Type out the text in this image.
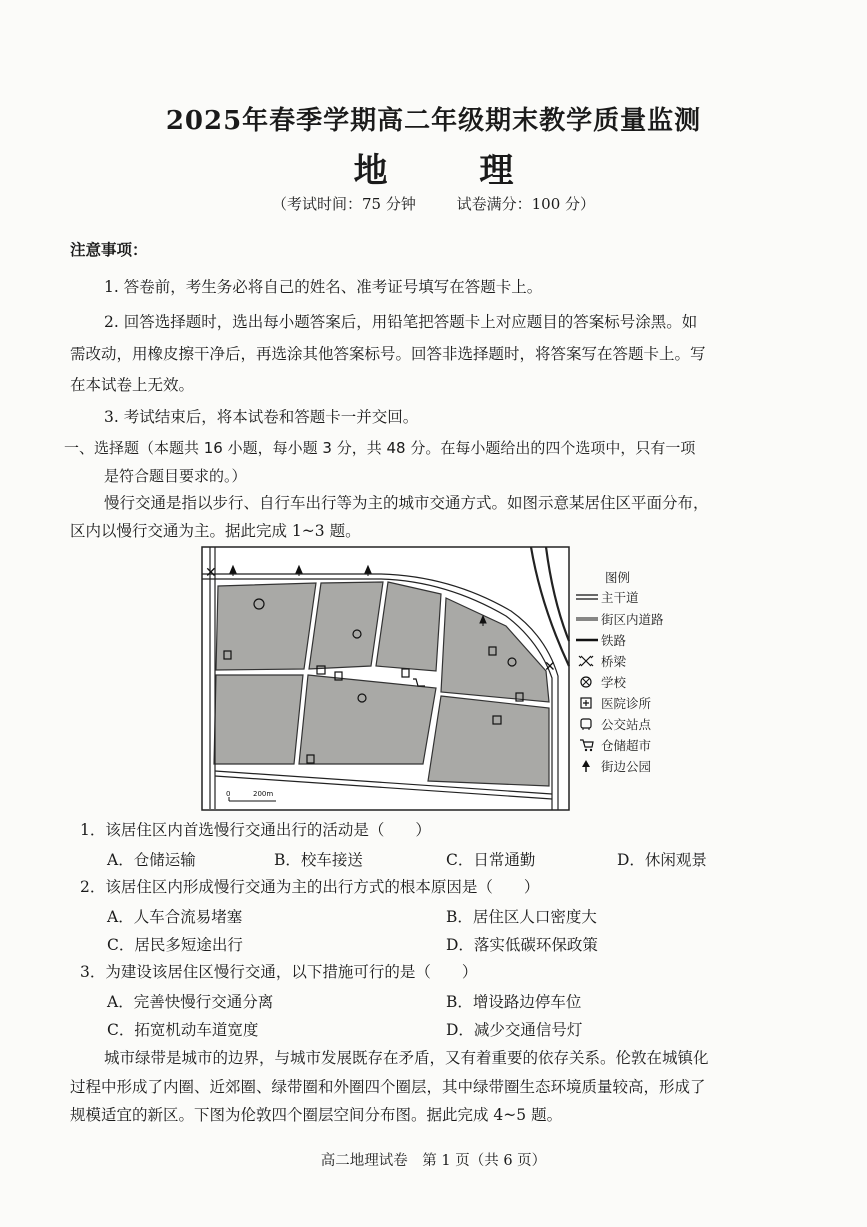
2025年春季学期高二年级期末教学质量监测
地 理
（考试时间：75 分钟	试卷满分：100 分）
注意事项：
1. 答卷前，考生务必将自己的姓名、准考证号填写在答题卡上。
2. 回答选择题时，选出每小题答案后，用铅笔把答题卡上对应题目的答案标号涂黑。如
需改动，用橡皮擦干净后，再选涂其他答案标号。回答非选择题时，将答案写在答题卡上。写
在本试卷上无效。
3. 考试结束后，将本试卷和答题卡一并交回。
一、选择题（本题共 16 小题，每小题 3 分，共 48 分。在每小题给出的四个选项中，只有一项
是符合题目要求的。）
慢行交通是指以步行、自行车出行等为主的城市交通方式。如图示意某居住区平面分布，
区内以慢行交通为主。据此完成 1~3 题。
✕
✕
0	200m
图例
主干道
街区内道路
铁路
桥梁
学校
医院诊所
公交站点
仓储超市
街边公园
1．该居住区内首选慢行交通出行的活动是（　　）
A．仓储运输	B．校车接送	C．日常通勤	D．休闲观景
2．该居住区内形成慢行交通为主的出行方式的根本原因是（　　）
A．人车合流易堵塞	B．居住区人口密度大
C．居民多短途出行	D．落实低碳环保政策
3．为建设该居住区慢行交通，以下措施可行的是（　　）
A．完善快慢行交通分离	B．增设路边停车位
C．拓宽机动车道宽度	D．减少交通信号灯
城市绿带是城市的边界，与城市发展既存在矛盾，又有着重要的依存关系。伦敦在城镇化
过程中形成了内圈、近郊圈、绿带圈和外圈四个圈层，其中绿带圈生态环境质量较高，形成了
规模适宜的新区。下图为伦敦四个圈层空间分布图。据此完成 4~5 题。
高二地理试卷　第 1 页（共 6 页）
